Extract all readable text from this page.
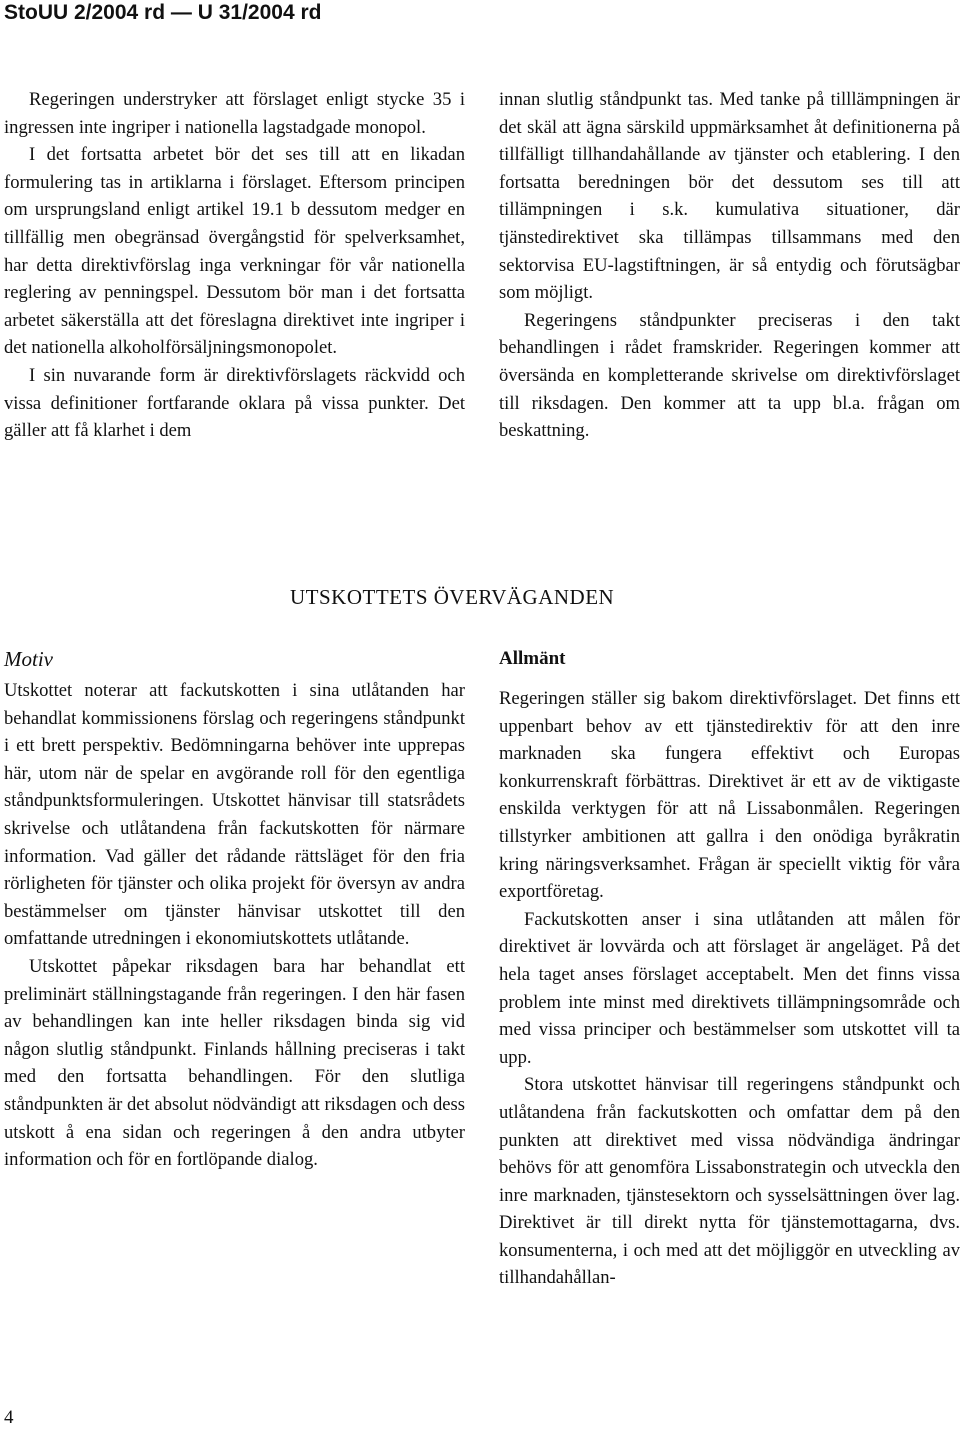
StoUU 2/2004 rd — U 31/2004 rd

Regeringen understryker att förslaget enligt stycke 35 i ingressen inte ingriper i nationella lagstadgade monopol.

I det fortsatta arbetet bör det ses till att en likadan formulering tas in artiklarna i förslaget. Eftersom principen om ursprungsland enligt artikel 19.1 b dessutom medger en tillfällig men obegränsad övergångstid för spelverksamhet, har detta direktivförslag inga verkningar för vår nationella reglering av penningspel. Dessutom bör man i det fortsatta arbetet säkerställa att det föreslagna direktivet inte ingriper i det nationella alkoholförsäljningsmonopolet.

I sin nuvarande form är direktivförslagets räckvidd och vissa definitioner fortfarande oklara på vissa punkter. Det gäller att få klarhet i dem

innan slutlig ståndpunkt tas. Med tanke på tilllämpningen är det skäl att ägna särskild uppmärksamhet åt definitionerna på tillfälligt tillhandahållande av tjänster och etablering. I den fortsatta beredningen bör det dessutom ses till att tillämpningen i s.k. kumulativa situationer, där tjänstedirektivet ska tillämpas tillsammans med den sektorvisa EU-lagstiftningen, är så entydig och förutsägbar som möjligt.

Regeringens ståndpunkter preciseras i den takt behandlingen i rådet framskrider. Regeringen kommer att översända en kompletterande skrivelse om direktivförslaget till riksdagen. Den kommer att ta upp bl.a. frågan om beskattning.

UTSKOTTETS ÖVERVÄGANDEN
Motiv	Allmänt

Utskottet noterar att fackutskotten i sina utlåtanden har behandlat kommissionens förslag och regeringens ståndpunkt i ett brett perspektiv. Bedömningarna behöver inte upprepas här, utom när de spelar en avgörande roll för den egentliga ståndpunktsformuleringen. Utskottet hänvisar till statsrådets skrivelse och utlåtandena från fackutskotten för närmare information. Vad gäller det rådande rättsläget för den fria rörligheten för tjänster och olika projekt för översyn av andra bestämmelser om tjänster hänvisar utskottet till den omfattande utredningen i ekonomiutskottets utlåtande.

Utskottet påpekar riksdagen bara har behandlat ett preliminärt ställningstagande från regeringen. I den här fasen av behandlingen kan inte heller riksdagen binda sig vid någon slutlig ståndpunkt. Finlands hållning preciseras i takt med den fortsatta behandlingen. För den slutliga ståndpunkten är det absolut nödvändigt att riksdagen och dess utskott å ena sidan och regeringen å den andra utbyter information och för en fortlöpande dialog.

Regeringen ställer sig bakom direktivförslaget. Det finns ett uppenbart behov av ett tjänstedirektiv för att den inre marknaden ska fungera effektivt och Europas konkurrenskraft förbättras. Direktivet är ett av de viktigaste enskilda verktygen för att nå Lissabonmålen. Regeringen tillstyrker ambitionen att gallra i den onödiga byråkratin kring näringsverksamhet. Frågan är speciellt viktig för våra exportföretag.

Fackutskotten anser i sina utlåtanden att målen för direktivet är lovvärda och att förslaget är angeläget. På det hela taget anses förslaget acceptabelt. Men det finns vissa problem inte minst med direktivets tillämpningsområde och med vissa principer och bestämmelser som utskottet vill ta upp.

Stora utskottet hänvisar till regeringens ståndpunkt och utlåtandena från fackutskotten och omfattar dem på den punkten att direktivet med vissa nödvändiga ändringar behövs för att genomföra Lissabonstrategin och utveckla den inre marknaden, tjänstesektorn och sysselsättningen över lag. Direktivet är till direkt nytta för tjänstemottagarna, dvs. konsumenterna, i och med att det möjliggör en utveckling av tillhandahållan-

4
